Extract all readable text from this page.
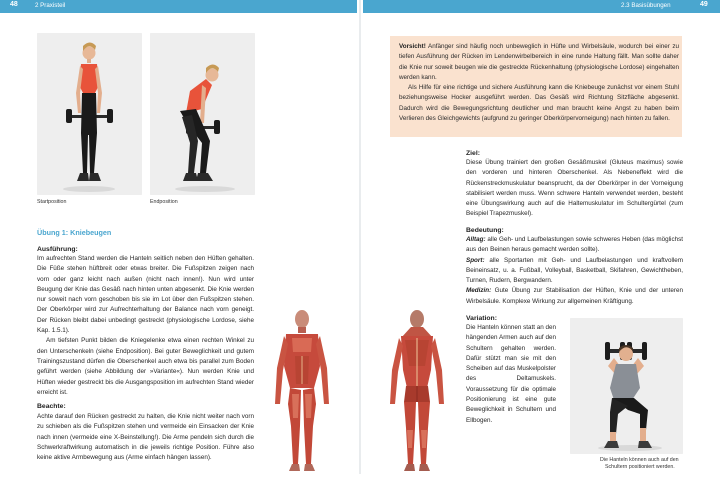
48	2 Praxisteil	2.3 Basisübungen	49
Startposition	Endposition
Übung 1: Kniebeugen
Ausführung:

Im aufrechten Stand werden die Hanteln seitlich neben den Hüften gehalten. Die Füße stehen hüftbreit oder etwas breiter. Die Fußspitzen zeigen nach vorn oder ganz leicht nach außen (nicht nach innen!). Nun wird unter Beugung der Knie das Gesäß nach hinten unten abgesenkt. Die Knie werden nur soweit nach vorn geschoben bis sie im Lot über den Fußspitzen stehen. Der Oberkörper wird zur Aufrechterhaltung der Balance nach vorn geneigt. Der Rücken bleibt dabei unbedingt gestreckt (physiologische Lordose, siehe Kap. 1.5.1).

Am tiefsten Punkt bilden die Kniegelenke etwa einen rechten Winkel zu den Unterschenkeln (siehe Endposition). Bei guter Beweglichkeit und gutem Trainingszustand dürfen die Oberschenkel auch etwa bis parallel zum Boden geführt werden (siehe Abbildung der »Variante«). Nun werden Knie und Hüften wieder gestreckt bis die Ausgangsposition im aufrechten Stand wieder erreicht ist.

Beachte:
Achte darauf den Rücken gestreckt zu halten, die Knie nicht weiter nach vorn zu schieben als die Fußspitzen stehen und vermeide ein Einsacken der Knie nach innen (vermeide eine X-Beinstellung!). Die Arme pendeln sich durch die Schwerkraftwirkung automatisch in die jeweils richtige Position. Führe also keine aktive Armbewegung aus (Arme einfach hängen lassen).

Vorsicht! Anfänger sind häufig noch unbeweglich in Hüfte und Wirbelsäule, wodurch bei einer zu tiefen Ausführung der Rücken im Lendenwirbelbereich in eine runde Haltung fällt. Man sollte daher die Knie nur soweit beugen wie die gestreckte Rückenhaltung (physiologische Lordose) eingehalten werden kann.

Als Hilfe für eine richtige und sichere Ausführung kann die Kniebeuge zunächst vor einem Stuhl beziehungsweise Hocker ausgeführt werden. Das Gesäß wird Richtung Sitzfläche abgesenkt. Dadurch wird die Bewegungsrichtung deutlicher und man braucht keine Angst zu haben beim Verlieren des Gleichgewichts (aufgrund zu geringer Oberkörpervorneigung) nach hinten zu fallen.

Ziel:
Diese Übung trainiert den großen Gesäßmuskel (Gluteus maximus) sowie den vorderen und hinteren Oberschenkel. Als Nebeneffekt wird die Rückenstreckmuskulatur beansprucht, da der Oberkörper in der Vorneigung stabilisiert werden muss. Wenn schwere Hanteln verwendet werden, besteht eine Übungswirkung auch auf die Haltemuskulatur im Schultergürtel (zum Beispiel Trapezmuskel).
Bedeutung:

Alltag: alle Geh- und Laufbelastungen sowie schweres Heben (das möglichst aus den Beinen heraus gemacht werden sollte).

Sport: alle Sportarten mit Geh- und Laufbelastungen und kraftvollem Beineinsatz, u. a. Fußball, Volleyball, Basketball, Skifahren, Gewichtheben, Turnen, Rudern, Bergwandern.

Medizin: Gute Übung zur Stabilisation der Hüften, Knie und der unteren Wirbelsäule. Komplexe Wirkung zur allgemeinen Kräftigung.

Variation:
Die Hanteln können statt an den hängenden Armen auch auf den Schultern gehalten werden. Dafür stützt man sie mit den Scheiben auf das Muskelpolster des Deltamuskels. Voraussetzung für die optimale Positionierung ist eine gute Beweglichkeit in Schultern und Ellbogen.
Die Hanteln können auch auf den
Schultern positioniert werden.
